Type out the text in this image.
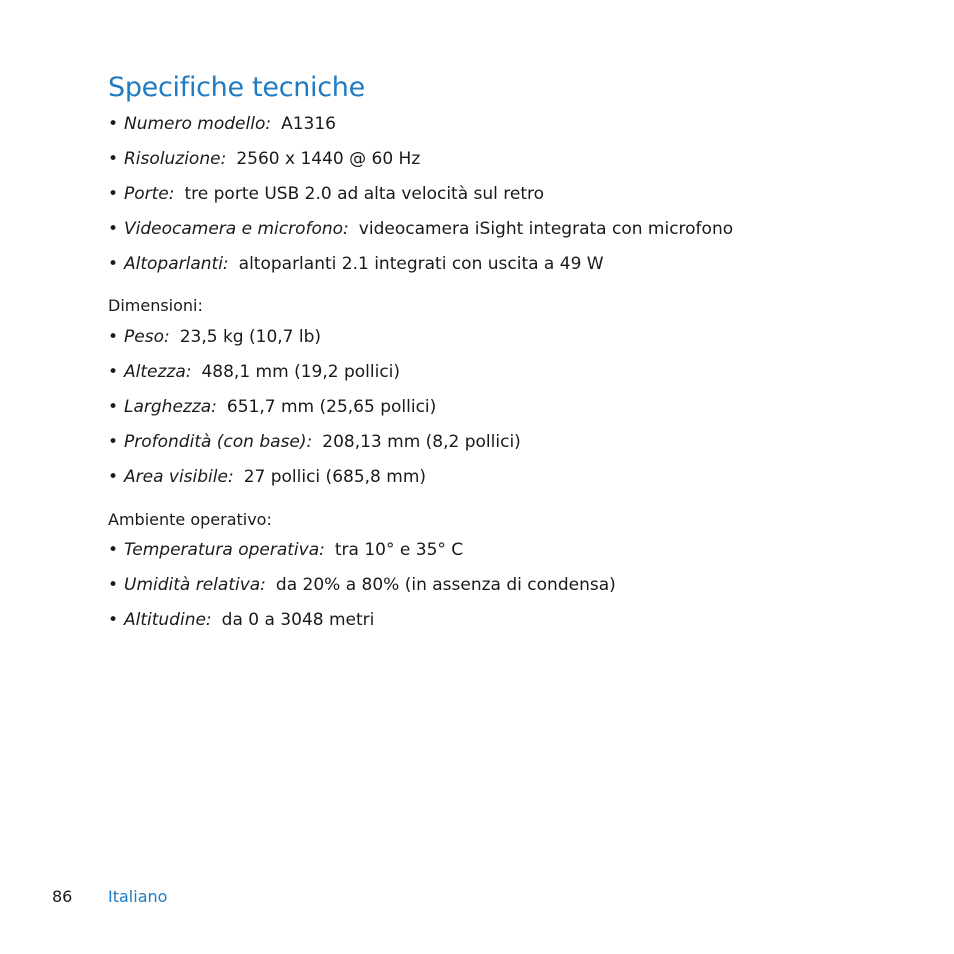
Specifiche tecniche
• Numero modello: A1316
• Risoluzione: 2560 x 1440 @ 60 Hz
• Porte: tre porte USB 2.0 ad alta velocità sul retro
• Videocamera e microfono: videocamera iSight integrata con microfono
• Altoparlanti: altoparlanti 2.1 integrati con uscita a 49 W
Dimensioni:
• Peso: 23,5 kg (10,7 lb)
• Altezza: 488,1 mm (19,2 pollici)
• Larghezza: 651,7 mm (25,65 pollici)
• Profondità (con base): 208,13 mm (8,2 pollici)
• Area visibile: 27 pollici (685,8 mm)
Ambiente operativo:
• Temperatura operativa: tra 10° e 35° C
• Umidità relativa: da 20% a 80% (in assenza di condensa)
• Altitudine: da 0 a 3048 metri
86 Italiano
